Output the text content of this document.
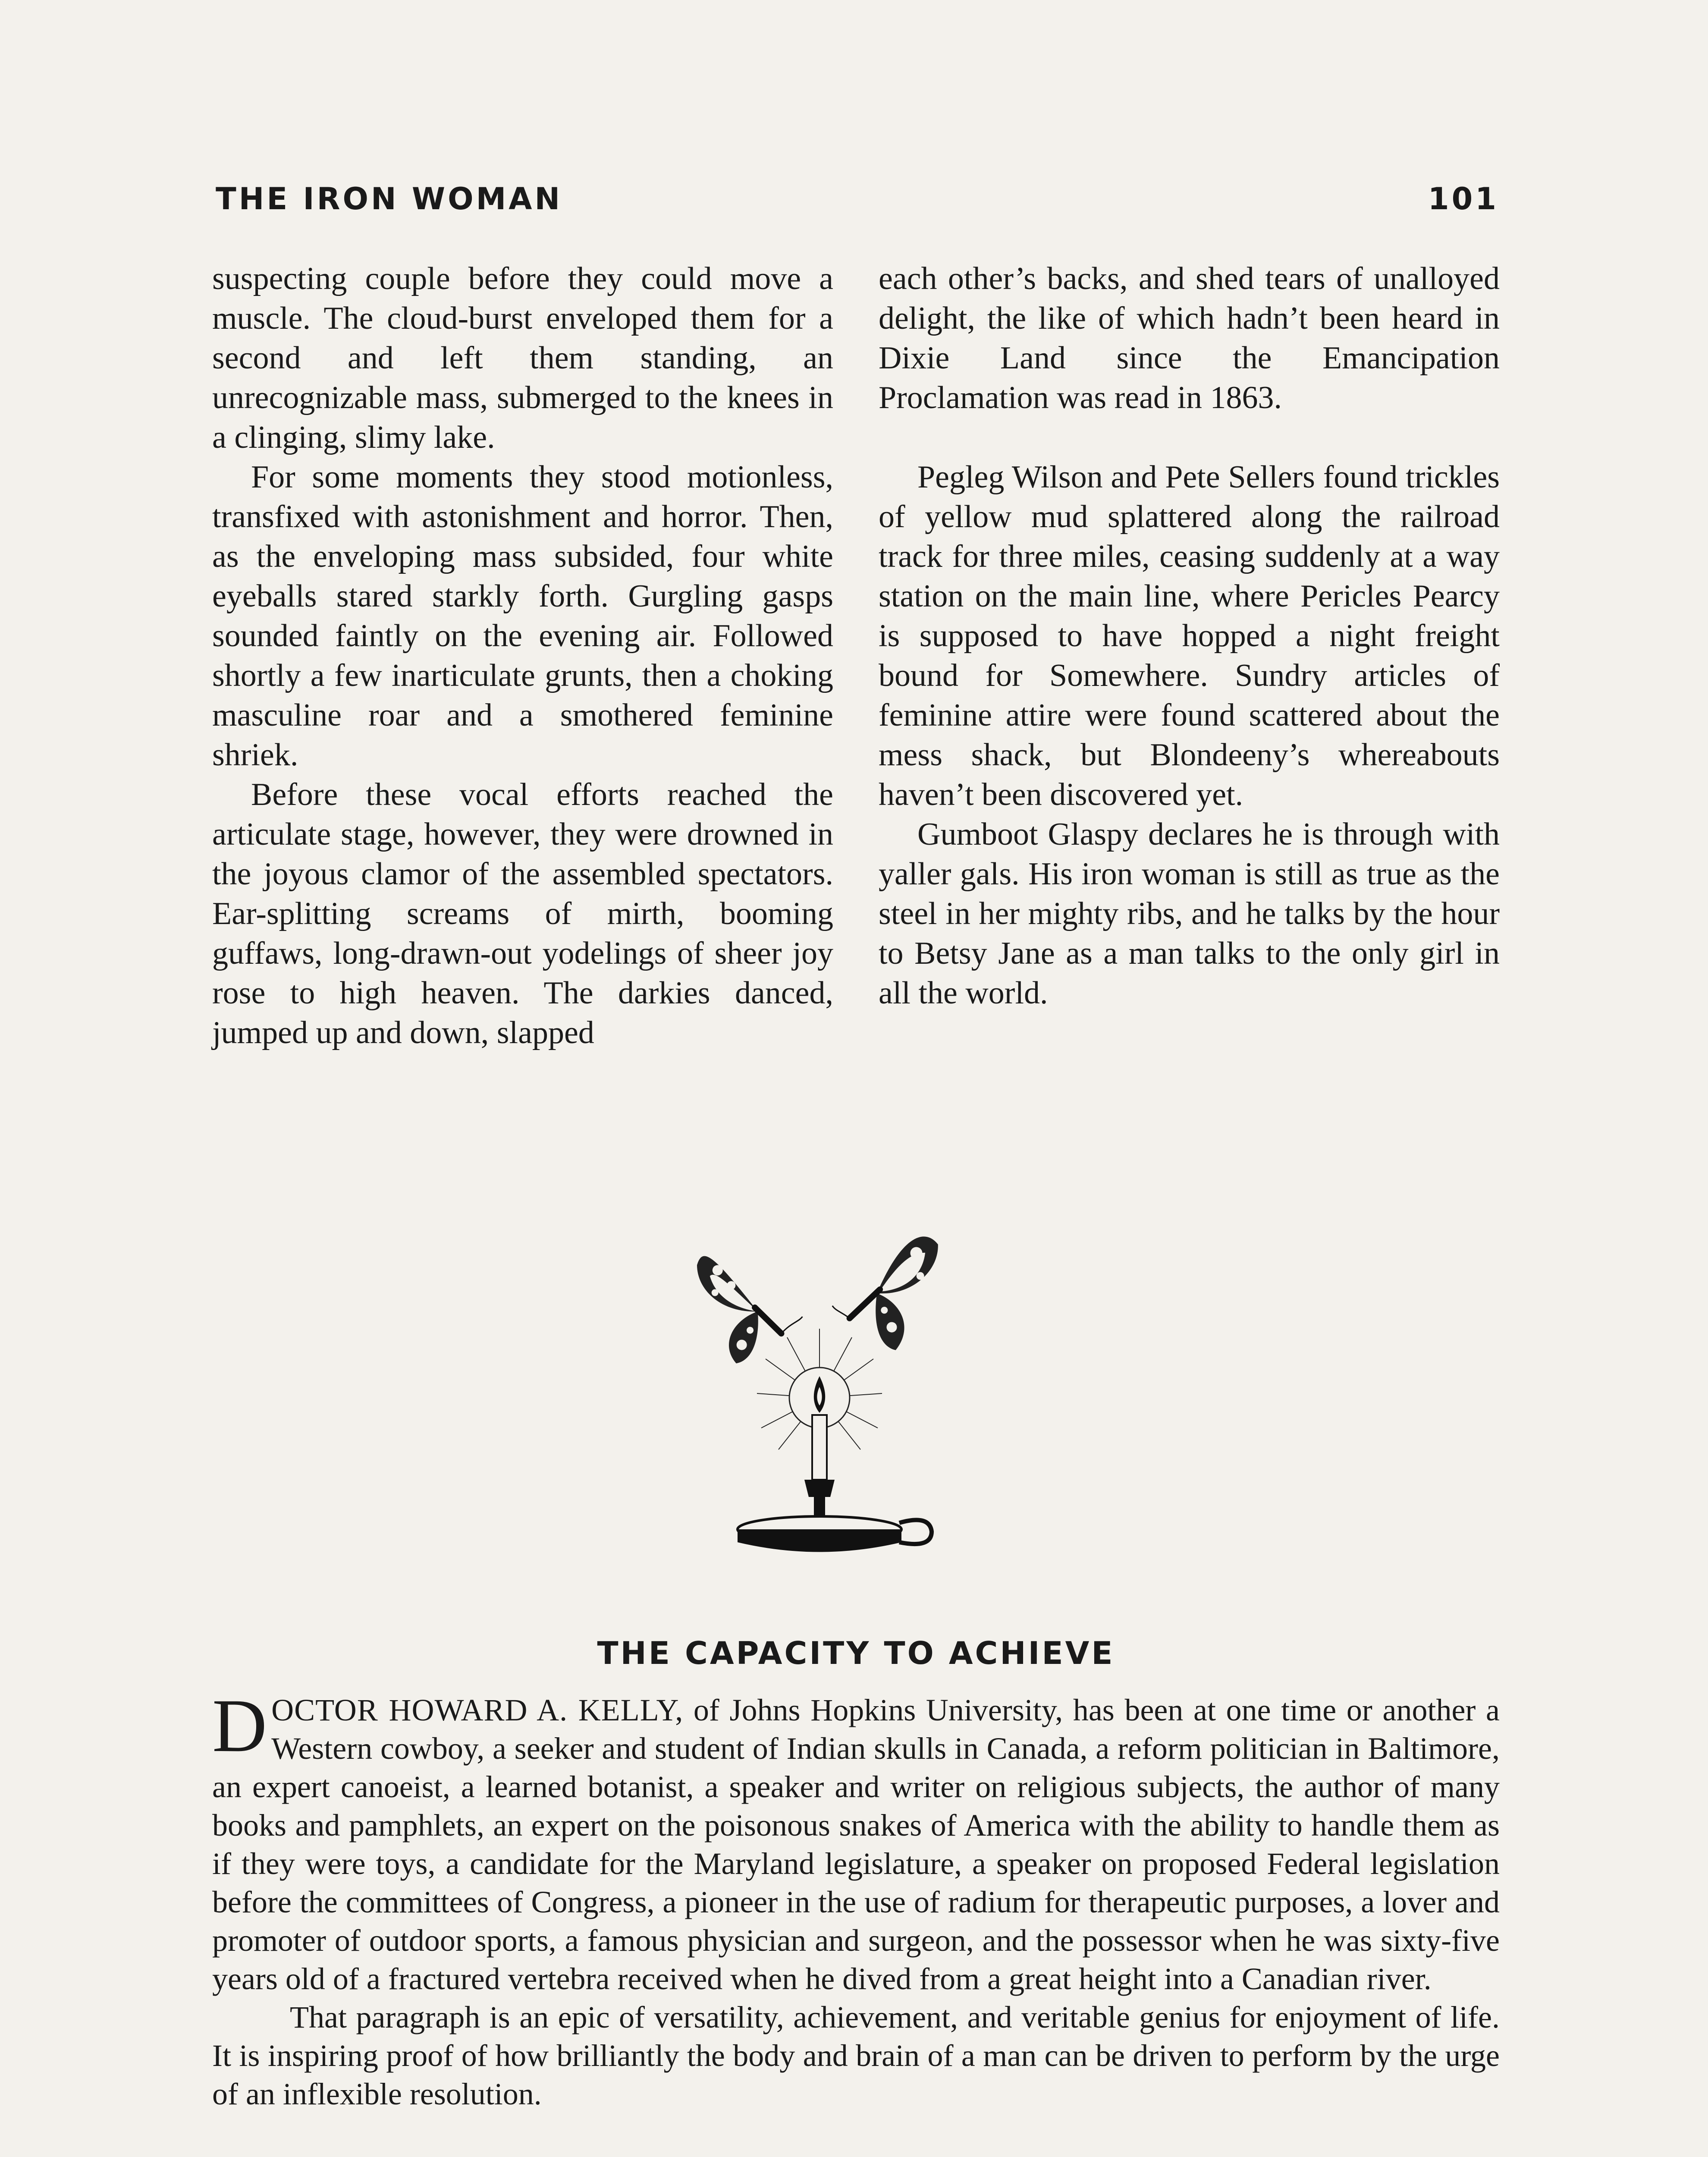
THE IRON WOMAN	101

suspecting couple before they could move a muscle. The cloud-burst enveloped them for a second and left them standing, an unrecognizable mass, submerged to the knees in a clinging, slimy lake.

For some moments they stood motionless, transfixed with astonishment and horror. Then, as the enveloping mass subsided, four white eyeballs stared starkly forth. Gurgling gasps sounded faintly on the evening air. Followed shortly a few inarticulate grunts, then a choking masculine roar and a smothered feminine shriek.

Before these vocal efforts reached the articulate stage, however, they were drowned in the joyous clamor of the assembled spectators. Ear-splitting screams of mirth, booming guffaws, long-drawn-out yodelings of sheer joy rose to high heaven. The darkies danced, jumped up and down, slapped

each other’s backs, and shed tears of unalloyed delight, the like of which hadn’t been heard in Dixie Land since the Emancipation Proclamation was read in 1863.

Pegleg Wilson and Pete Sellers found trickles of yellow mud splattered along the railroad track for three miles, ceasing suddenly at a way station on the main line, where Pericles Pearcy is supposed to have hopped a night freight bound for Somewhere. Sundry articles of feminine attire were found scattered about the mess shack, but Blondeeny’s whereabouts haven’t been discovered yet.

Gumboot Glaspy declares he is through with yaller gals. His iron woman is still as true as the steel in her mighty ribs, and he talks by the hour to Betsy Jane as a man talks to the only girl in all the world.

THE CAPACITY TO ACHIEVE

DOCTOR HOWARD A. KELLY, of Johns Hopkins University, has been at one time or another a Western cowboy, a seeker and student of Indian skulls in Canada, a reform politician in Baltimore, an expert canoeist, a learned botanist, a speaker and writer on religious subjects, the author of many books and pamphlets, an expert on the poisonous snakes of America with the ability to handle them as if they were toys, a candidate for the Maryland legislature, a speaker on proposed Federal legislation before the committees of Congress, a pioneer in the use of radium for therapeutic purposes, a lover and promoter of outdoor sports, a famous physician and surgeon, and the possessor when he was sixty-five years old of a fractured vertebra received when he dived from a great height into a Canadian river.

That paragraph is an epic of versatility, achievement, and veritable genius for enjoyment of life. It is inspiring proof of how brilliantly the body and brain of a man can be driven to perform by the urge of an inflexible resolution.
